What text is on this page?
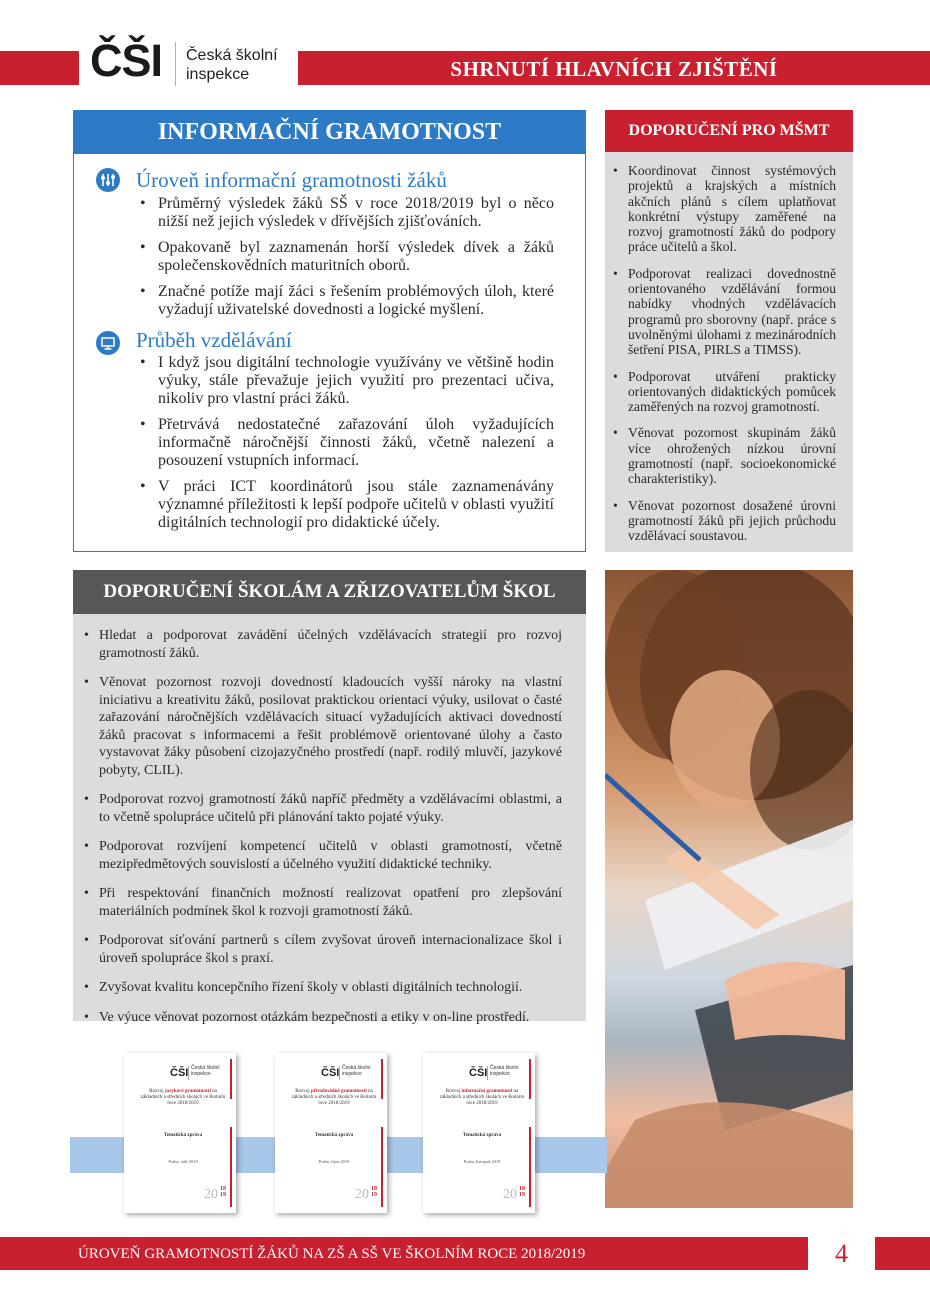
SHRNUTÍ HLAVNÍCH ZJIŠTĚNÍ
ČŠI Česká školní
inspekce
INFORMAČNÍ GRAMOTNOST
Úroveň informační gramotnosti žáků
• Průměrný výsledek žáků SŠ v roce 2018/2019 byl o něco nižší než jejich výsledek v dřívějších zjišťováních.
• Opakovaně byl zaznamenán horší výsledek dívek a žáků společenskovědních maturitních oborů.
• Značné potíže mají žáci s řešením problémových úloh, které vyžadují uživatelské dovednosti a logické myšlení.
Průběh vzdělávání
• I když jsou digitální technologie využívány ve většině hodin výuky, stále převažuje jejich využití pro prezentaci učiva, nikoliv pro vlastní práci žáků.
• Přetrvává nedostatečné zařazování úloh vyžadujících informačně náročnější činnosti žáků, včetně nalezení a posouzení vstupních informací.
• V práci ICT koordinátorů jsou stále zaznamenávány významné příležitosti k lepší podpoře učitelů v oblasti využití digitálních technologií pro didaktické účely.
DOPORUČENÍ PRO MŠMT
• Koordinovat činnost systémových projektů a krajských a místních akčních plánů s cílem uplatňovat konkrétní výstupy zaměřené na rozvoj gramotností žáků do podpory práce učitelů a škol.
• Podporovat realizaci dovednostně orientovaného vzdělávání formou nabídky vhodných vzdělávacích programů pro sborovny (např. práce s uvolněnými úlohami z mezinárodních šetření PISA, PIRLS a TIMSS).
• Podporovat utváření prakticky orientovaných didaktických pomůcek zaměřených na rozvoj gramotností.
• Věnovat pozornost skupinám žáků více ohrožených nízkou úrovní gramotností (např. socioekonomické charakteristiky).
• Věnovat pozornost dosažené úrovni gramotností žáků při jejich průchodu vzdělávací soustavou.
DOPORUČENÍ ŠKOLÁM A ZŘIZOVATELŮM ŠKOL
• Hledat a podporovat zavádění účelných vzdělávacích strategií pro rozvoj gramotností žáků.
• Věnovat pozornost rozvoji dovedností kladoucích vyšší nároky na vlastní iniciativu a kreativitu žáků, posilovat praktickou orientaci výuky, usilovat o časté zařazování náročnějších vzdělávacích situací vyžadujících aktivaci dovedností žáků pracovat s informacemi a řešit problémově orientované úlohy a často vystavovat žáky působení cizojazyčného prostředí (např. rodilý mluvčí, jazykové pobyty, CLIL).
• Podporovat rozvoj gramotností žáků napříč předměty a vzdělávacími oblastmi, a to včetně spolupráce učitelů při plánování takto pojaté výuky.
• Podporovat rozvíjení kompetencí učitelů v oblasti gramotností, včetně mezipředmětových souvislostí a účelného využití didaktické techniky.
• Při respektování finančních možností realizovat opatření pro zlepšování materiálních podmínek škol k rozvoji gramotností žáků.
• Podporovat síťování partnerů s cílem zvyšovat úroveň internacionalizace škol i úroveň spolupráce škol s praxí.
• Zvyšovat kvalitu koncepčního řízení školy v oblasti digitálních technologií.
• Ve výuce věnovat pozornost otázkám bezpečnosti a etiky v on-line prostředí.
ČŠI Česká školní
inspekce
Rozvoj jazykové gramotnosti na základních a středních školách ve školním roce 2018/2019
Tematická zpráva
Praha, září 2019
20 18
19
ČŠI Česká školní
inspekce
Rozvoj přírodovědné gramotnosti na základních a středních školách ve školním roce 2018/2019
Tematická zpráva
Praha, říjen 2019
20 18
19
ČŠI Česká školní
inspekce
Rozvoj informační gramotnosti na základních a středních školách ve školním roce 2018/2019
Tematická zpráva
Praha, listopad 2019
20 18
19
ÚROVEŇ GRAMOTNOSTÍ ŽÁKŮ NA ZŠ A SŠ VE ŠKOLNÍM ROCE 2018/2019	4
